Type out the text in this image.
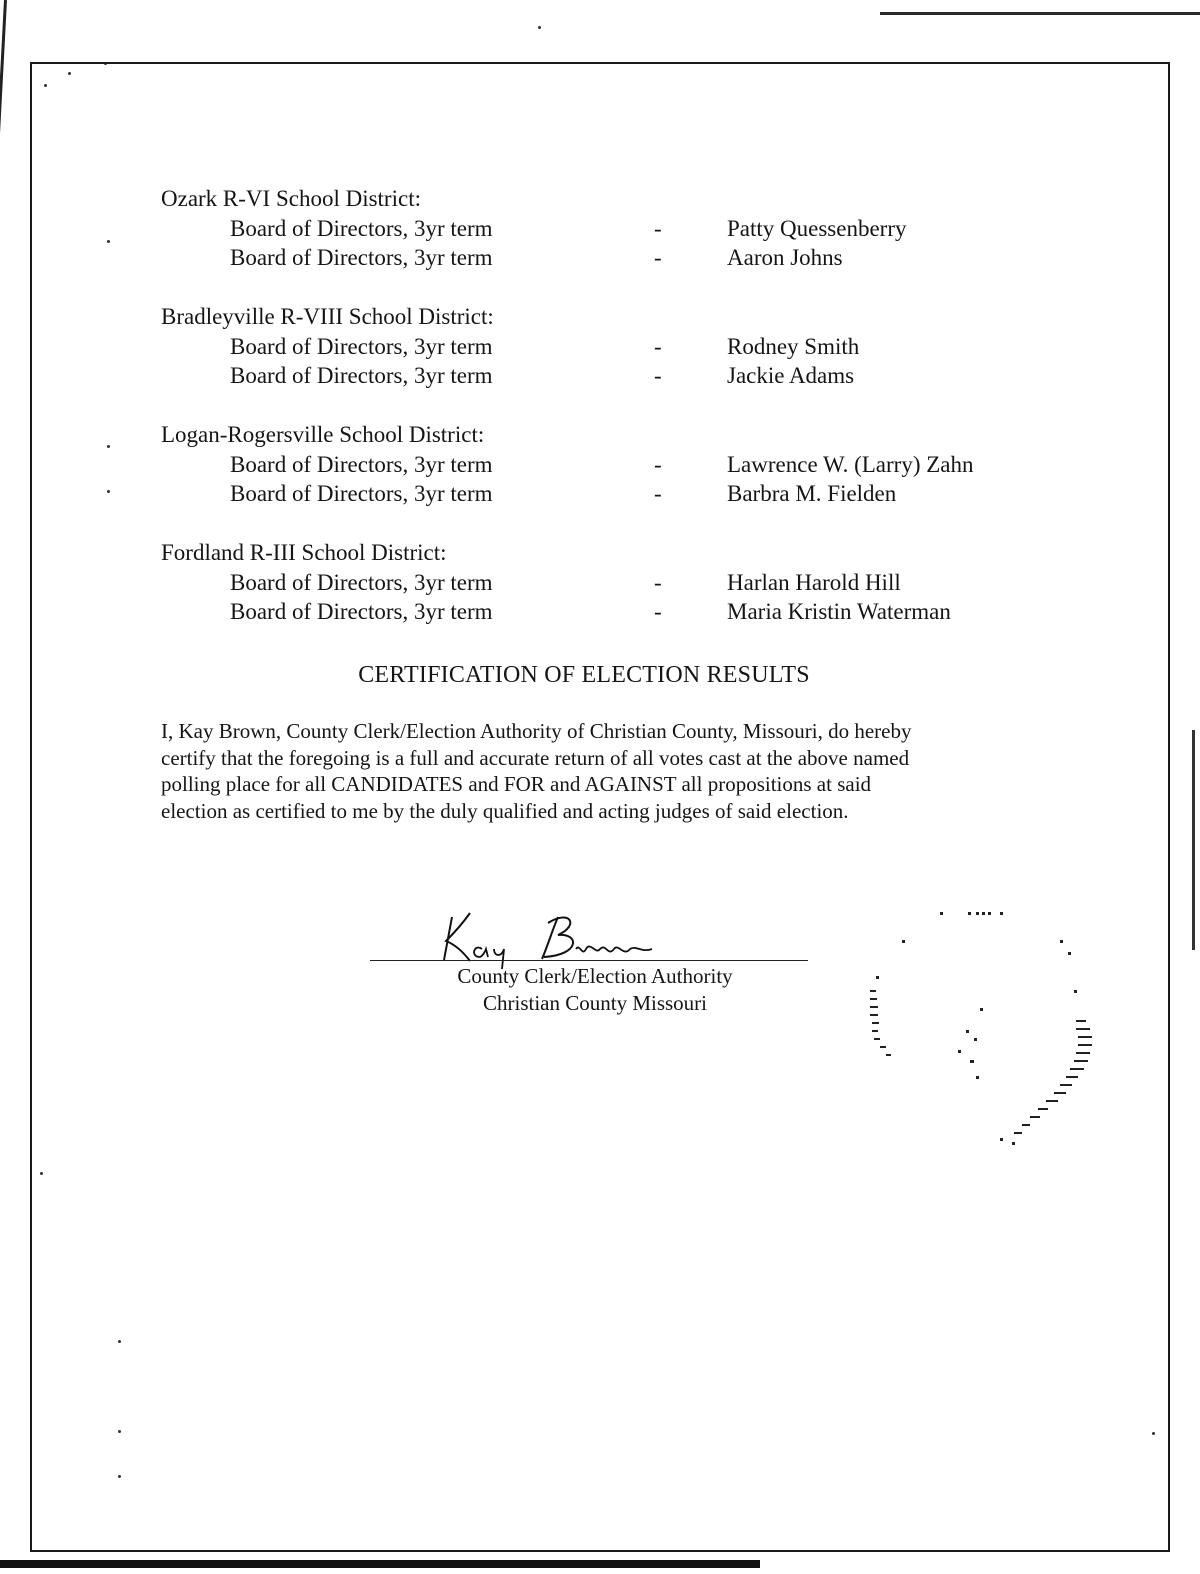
Ozark R-VI School District:
Board of Directors, 3yr term	-	Patty Quessenberry
Board of Directors, 3yr term	-	Aaron Johns
Bradleyville R-VIII School District:
Board of Directors, 3yr term	-	Rodney Smith
Board of Directors, 3yr term	-	Jackie Adams
Logan-Rogersville School District:
Board of Directors, 3yr term	-	Lawrence W. (Larry) Zahn
Board of Directors, 3yr term	-	Barbra M. Fielden
Fordland R-III School District:
Board of Directors, 3yr term	-	Harlan Harold Hill
Board of Directors, 3yr term	-	Maria Kristin Waterman
CERTIFICATION OF ELECTION RESULTS
I, Kay Brown, County Clerk/Election Authority of Christian County, Missouri, do hereby
certify that the foregoing is a full and accurate return of all votes cast at the above named
polling place for all CANDIDATES and FOR and AGAINST all propositions at said
election as certified to me by the duly qualified and acting judges of said election.
County Clerk/Election Authority
Christian County Missouri
